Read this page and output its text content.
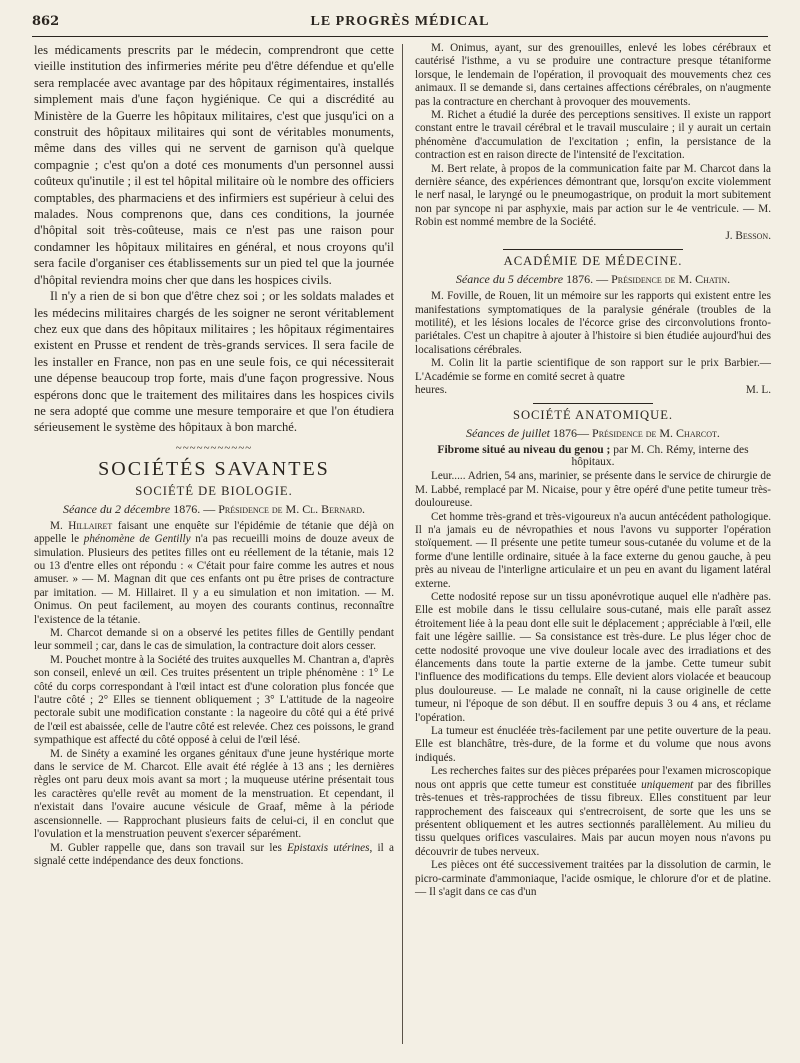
862	LE PROGRÈS MÉDICAL

les médicaments prescrits par le médecin, comprendront que cette vieille institution des infirmeries mérite peu d'être défendue et qu'elle sera remplacée avec avantage par des hôpitaux régimentaires, installés simplement mais d'une façon hygiénique. Ce qui a discrédité au Ministère de la Guerre les hôpitaux militaires, c'est que jusqu'ici on a construit des hôpitaux militaires qui sont de véritables monuments, même dans des villes qui ne servent de garnison qu'à quelque compagnie ; c'est qu'on a doté ces monuments d'un personnel aussi coûteux qu'inutile ; il est tel hôpital militaire où le nombre des officiers comptables, des pharmaciens et des infirmiers est supérieur à celui des malades. Nous comprenons que, dans ces conditions, la journée d'hôpital soit très-coûteuse, mais ce n'est pas une raison pour condamner les hôpitaux militaires en général, et nous croyons qu'il sera facile d'organiser ces établissements sur un pied tel que la journée d'hôpital reviendra moins cher que dans les hospices civils.

Il n'y a rien de si bon que d'être chez soi ; or les soldats malades et les médecins militaires chargés de les soigner ne seront véritablement chez eux que dans des hôpitaux militaires ; les hôpitaux régimentaires existent en Prusse et rendent de très-grands services. Il sera facile de les installer en France, non pas en une seule fois, ce qui nécessiterait une dépense beaucoup trop forte, mais d'une façon progressive. Nous espérons donc que le traitement des militaires dans les hospices civils ne sera adopté que comme une mesure temporaire et que l'on étudiera sérieusement le système des hôpitaux à bon marché.

~~~~~~~~~~~
SOCIÉTÉS SAVANTES
SOCIÉTÉ DE BIOLOGIE.
Séance du 2 décembre 1876. — Présidence de M. Cl. Bernard.

M. Hillairet faisant une enquête sur l'épidémie de tétanie que déjà on appelle le phénomène de Gentilly n'a pas recueilli moins de douze aveux de simulation. Plusieurs des petites filles ont eu réellement de la tétanie, mais 12 ou 13 d'entre elles ont répondu : « C'était pour faire comme les autres et nous amuser. » — M. Magnan dit que ces enfants ont pu être prises de contracture par imitation. — M. Hillairet. Il y a eu simulation et non imitation. — M. Onimus. On peut facilement, au moyen des courants continus, reconnaître l'existence de la tétanie.

M. Charcot demande si on a observé les petites filles de Gentilly pendant leur sommeil ; car, dans le cas de simulation, la contracture doit alors cesser.

M. Pouchet montre à la Société des truites auxquelles M. Chantran a, d'après son conseil, enlevé un œil. Ces truites présentent un triple phénomène : 1° Le côté du corps correspondant à l'œil intact est d'une coloration plus foncée que l'autre côté ; 2° Elles se tiennent obliquement ; 3° L'attitude de la nageoire pectorale subit une modification constante : la nageoire du côté qui a été privé de l'œil est abaissée, celle de l'autre côté est relevée. Chez ces poissons, le grand sympathique est affecté du côté opposé à celui de l'œil lésé.

M. de Sinéty a examiné les organes génitaux d'une jeune hystérique morte dans le service de M. Charcot. Elle avait été réglée à 13 ans ; les dernières règles ont paru deux mois avant sa mort ; la muqueuse utérine présentait tous les caractères qu'elle revêt au moment de la menstruation. Et cependant, il n'existait dans l'ovaire aucune vésicule de Graaf, même à la période ascensionnelle. — Rapprochant plusieurs faits de celui-ci, il en conclut que l'ovulation et la menstruation peuvent s'exercer séparément.

M. Gubler rappelle que, dans son travail sur les Epistaxis utérines, il a signalé cette indépendance des deux fonctions.

M. Onimus, ayant, sur des grenouilles, enlevé les lobes cérébraux et cautérisé l'isthme, a vu se produire une contracture presque tétaniforme lorsque, le lendemain de l'opération, il provoquait des mouvements chez ces animaux. Il se demande si, dans certaines affections cérébrales, on n'augmente pas la contracture en cherchant à provoquer des mouvements.

M. Richet a étudié la durée des perceptions sensitives. Il existe un rapport constant entre le travail cérébral et le travail musculaire ; il y aurait un certain phénomène d'accumulation de l'excitation ; enfin, la persistance de la contraction est en raison directe de l'intensité de l'excitation.

M. Bert relate, à propos de la communication faite par M. Charcot dans la dernière séance, des expériences démontrant que, lorsqu'on excite violemment le nerf nasal, le laryngé ou le pneumogastrique, on produit la mort subitement non par syncope ni par asphyxie, mais par action sur le 4e ventricule. — M. Robin est nommé membre de la Société.

J. Besson.

ACADÉMIE DE MÉDECINE.
Séance du 5 décembre 1876. — Présidence de M. Chatin.

M. Foville, de Rouen, lit un mémoire sur les rapports qui existent entre les manifestations symptomatiques de la paralysie générale (troubles de la motilité), et les lésions locales de l'écorce grise des circonvolutions fronto-pariétales. C'est un chapitre à ajouter à l'histoire si bien étudiée aujourd'hui des localisations cérébrales.

M. Colin lit la partie scientifique de son rapport sur le prix Barbier.—L'Académie se forme en comité secret à quatre

heures.	M. L.

SOCIÉTÉ ANATOMIQUE.
Séances de juillet 1876— Présidence de M. Charcot.
Fibrome situé au niveau du genou ; par M. Ch. Rémy, interne des hôpitaux.

Leur..... Adrien, 54 ans, marinier, se présente dans le service de chirurgie de M. Labbé, remplacé par M. Nicaise, pour y être opéré d'une petite tumeur très-douloureuse.

Cet homme très-grand et très-vigoureux n'a aucun antécédent pathologique. Il n'a jamais eu de névropathies et nous l'avons vu supporter l'opération stoïquement. — Il présente une petite tumeur sous-cutanée du volume et de la forme d'une lentille ordinaire, située à la face externe du genou gauche, à peu près au niveau de l'interligne articulaire et un peu en avant du ligament latéral externe.

Cette nodosité repose sur un tissu aponévrotique auquel elle n'adhère pas. Elle est mobile dans le tissu cellulaire sous-cutané, mais elle paraît assez étroitement liée à la peau dont elle suit le déplacement ; appréciable à l'œil, elle fait une légère saillie. — Sa consistance est très-dure. Le plus léger choc de cette nodosité provoque une vive douleur locale avec des irradiations et des élancements dans toute la partie externe de la jambe. Cette tumeur subit l'influence des modifications du temps. Elle devient alors violacée et beaucoup plus douloureuse. — Le malade ne connaît, ni la cause originelle de cette tumeur, ni l'époque de son début. Il en souffre depuis 3 ou 4 ans, et réclame l'opération.

La tumeur est énucléée très-facilement par une petite ouverture de la peau. Elle est blanchâtre, très-dure, de la forme et du volume que nous avons indiqués.

Les recherches faites sur des pièces préparées pour l'examen microscopique nous ont appris que cette tumeur est constituée uniquement par des fibrilles très-tenues et très-rapprochées de tissu fibreux. Elles constituent par leur rapprochement des faisceaux qui s'entrecroisent, de sorte que les uns se présentent obliquement et les autres sectionnés parallèlement. Au milieu du tissu quelques orifices vasculaires. Mais par aucun moyen nous n'avons pu découvrir de tubes nerveux.

Les pièces ont été successivement traitées par la dissolution de carmin, le picro-carminate d'ammoniaque, l'acide osmique, le chlorure d'or et de platine. — Il s'agit dans ce cas d'un
